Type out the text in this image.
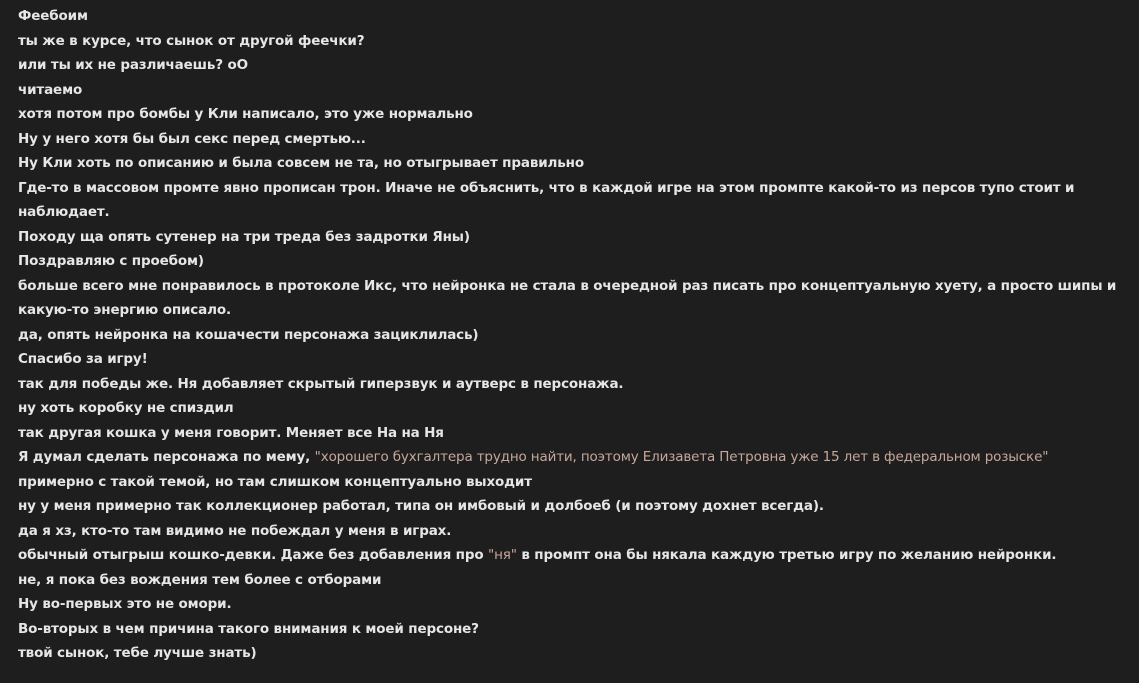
Феебоим

ты же в курсе, что сынок от другой феечки?

или ты их не различаешь? оО

читаемо

хотя потом про бомбы у Кли написало, это уже нормально

Ну у него хотя бы был секс перед смертью...

Ну Кли хоть по описанию и была совсем не та, но отыгрывает правильно

Где-то в массовом промте явно прописан трон. Иначе не объяснить, что в каждой игре на этом промпте какой-то из персов тупо стоит и наблюдает.

Походу ща опять сутенер на три треда без задротки Яны)

Поздравляю с проебом)

больше всего мне понравилось в протоколе Икс, что нейронка не стала в очередной раз писать про концептуальную хуету, а просто шипы и какую-то энергию описало.

да, опять нейронка на кошачести персонажа зациклилась)

Спасибо за игру!

так для победы же. Ня добавляет скрытый гиперзвук и аутверс в персонажа.

ну хоть коробку не спиздил

так другая кошка у меня говорит. Меняет все На на Ня

Я думал сделать персонажа по мему, "хорошего бухгалтера трудно найти, поэтому Елизавета Петровна уже 15 лет в федеральном розыске"

примерно с такой темой, но там слишком концептуально выходит

ну у меня примерно так коллекционер работал, типа он имбовый и долбоеб (и поэтому дохнет всегда).

да я хз, кто-то там видимо не побеждал у меня в играх.

обычный отыгрыш кошко-девки. Даже без добавления про "ня" в промпт она бы някала каждую третью игру по желанию нейронки.

не, я пока без вождения тем более с отборами

Ну во-первых это не омори.

Во-вторых в чем причина такого внимания к моей персоне?

твой сынок, тебе лучше знать)
